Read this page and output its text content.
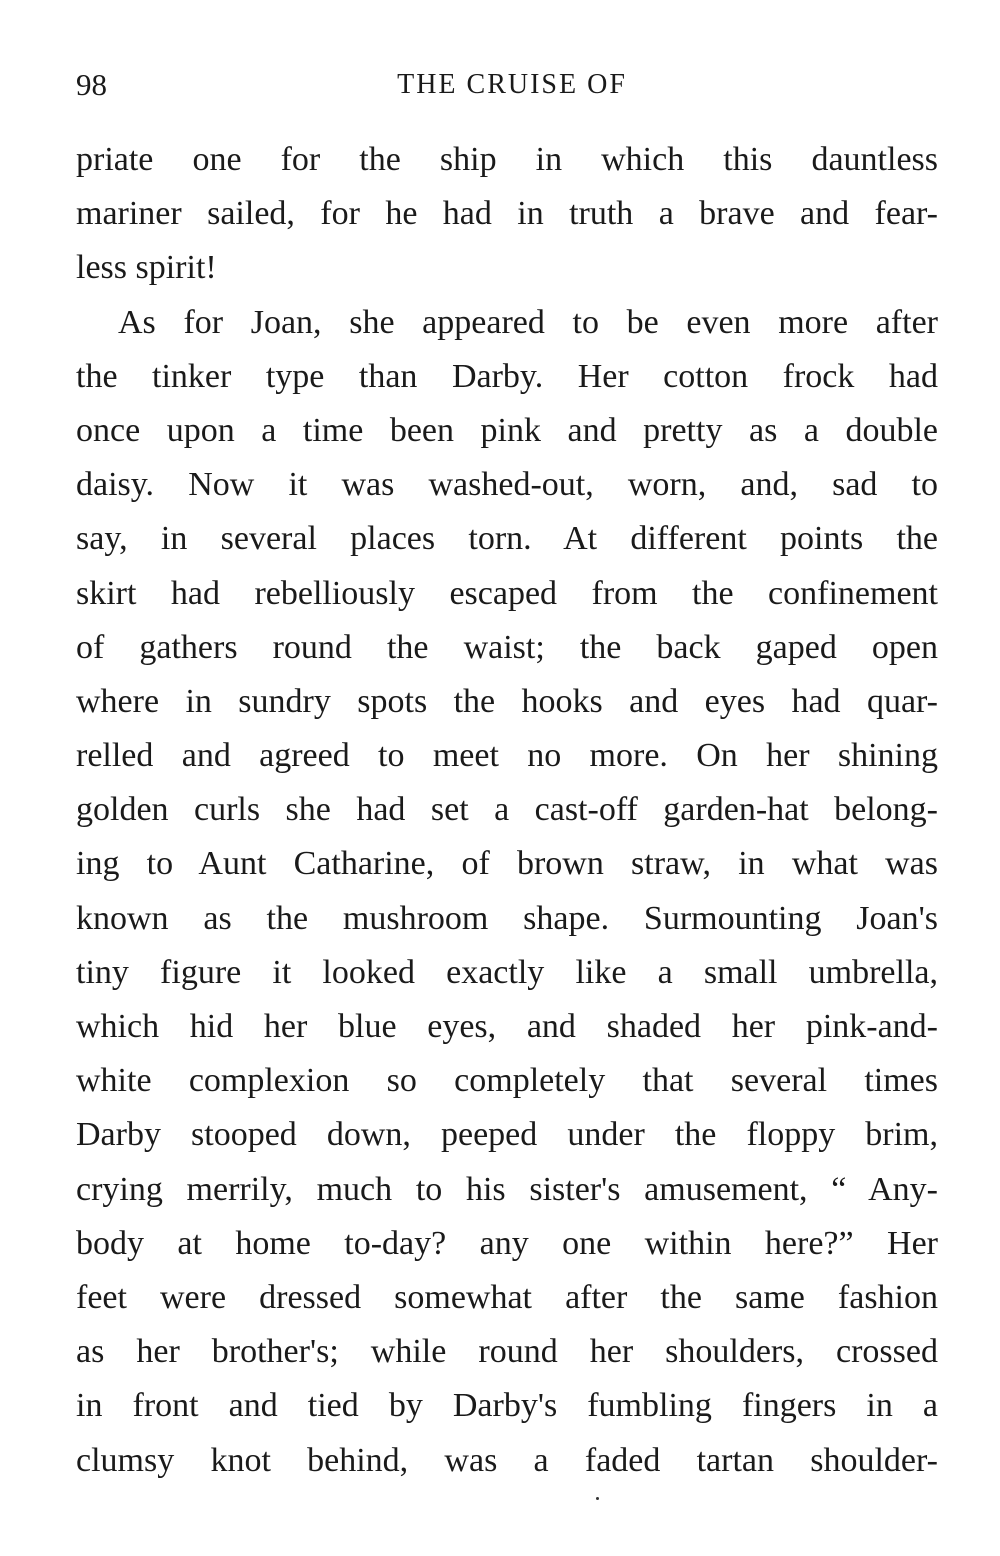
98	THE CRUISE OF
priate one for the ship in which this dauntless
mariner sailed, for he had in truth a brave and fear-
less spirit!
As for Joan, she appeared to be even more after
the tinker type than Darby. Her cotton frock had
once upon a time been pink and pretty as a double
daisy. Now it was washed-out, worn, and, sad to
say, in several places torn. At different points the
skirt had rebelliously escaped from the confinement
of gathers round the waist; the back gaped open
where in sundry spots the hooks and eyes had quar-
relled and agreed to meet no more. On her shining
golden curls she had set a cast-off garden-hat belong-
ing to Aunt Catharine, of brown straw, in what was
known as the mushroom shape. Surmounting Joan's
tiny figure it looked exactly like a small umbrella,
which hid her blue eyes, and shaded her pink-and-
white complexion so completely that several times
Darby stooped down, peeped under the floppy brim,
crying merrily, much to his sister's amusement, “ Any-
body at home to-day? any one within here?” Her
feet were dressed somewhat after the same fashion
as her brother's; while round her shoulders, crossed
in front and tied by Darby's fumbling fingers in a
clumsy knot behind, was a faded tartan shoulder-
